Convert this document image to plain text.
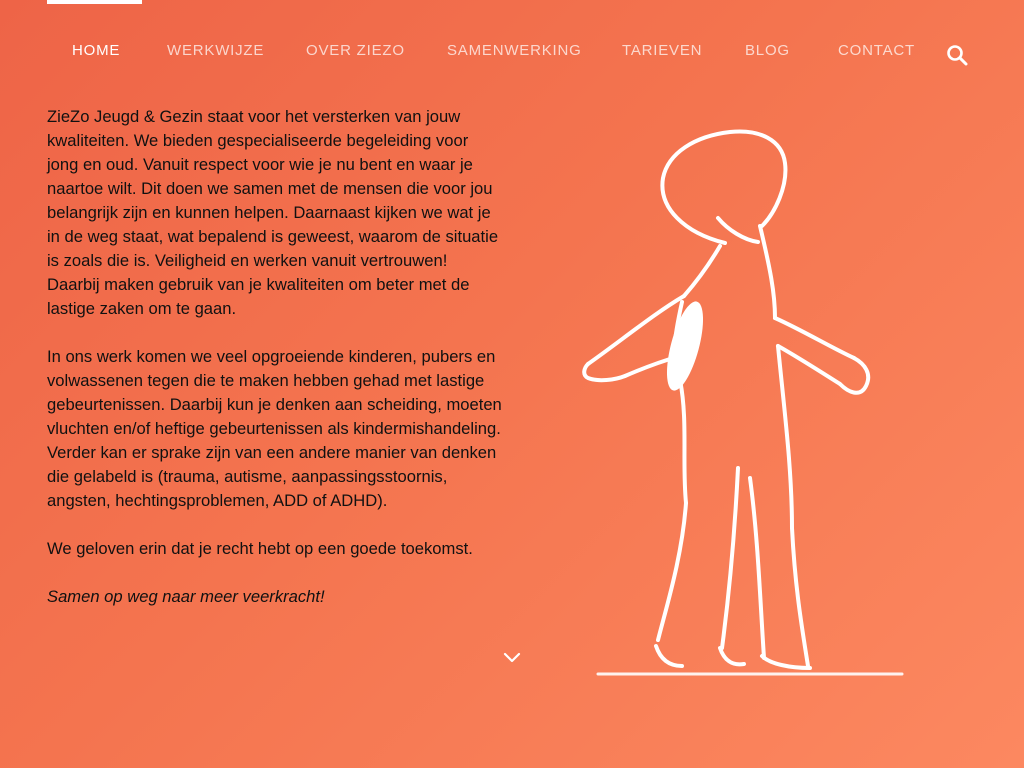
HOME	WERKWIJZE	OVER ZIEZO	SAMENWERKING	TARIEVEN	BLOG	CONTACT

ZieZo Jeugd & Gezin staat voor het versterken van jouw kwaliteiten. We bieden gespecialiseerde begeleiding voor jong en oud. Vanuit respect voor wie je nu bent en waar je naartoe wilt. Dit doen we samen met de mensen die voor jou belangrijk zijn en kunnen helpen. Daarnaast kijken we wat je in de weg staat, wat bepalend is geweest, waarom de situatie is zoals die is. Veiligheid en werken vanuit vertrouwen! Daarbij maken gebruik van je kwaliteiten om beter met de lastige zaken om te gaan.

In ons werk komen we veel opgroeiende kinderen, pubers en volwassenen tegen die te maken hebben gehad met lastige gebeurtenissen. Daarbij kun je denken aan scheiding, moeten vluchten en/of heftige gebeurtenissen als kindermishandeling. Verder kan er sprake zijn van een andere manier van denken die gelabeld is (trauma, autisme, aanpassingsstoornis, angsten, hechtingsproblemen, ADD of ADHD).

We geloven erin dat je recht hebt op een goede toekomst.

Samen op weg naar meer veerkracht!
